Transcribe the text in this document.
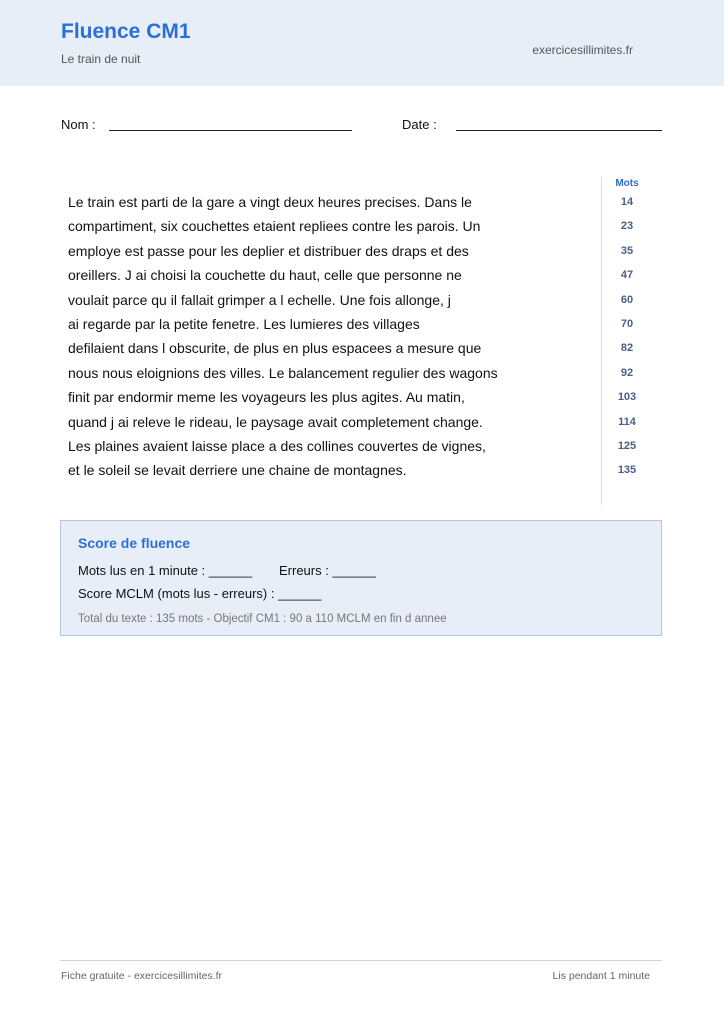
Fluence CM1
Le train de nuit
exercicesillimites.fr
Nom :	Date :
Le train est parti de la gare a vingt deux heures precises. Dans le
compartiment, six couchettes etaient repliees contre les parois. Un
employe est passe pour les deplier et distribuer des draps et des
oreillers. J ai choisi la couchette du haut, celle que personne ne
voulait parce qu il fallait grimper a l echelle. Une fois allonge, j
ai regarde par la petite fenetre. Les lumieres des villages
defilaient dans l obscurite, de plus en plus espacees a mesure que
nous nous eloignions des villes. Le balancement regulier des wagons
finit par endormir meme les voyageurs les plus agites. Au matin,
quand j ai releve le rideau, le paysage avait completement change.
Les plaines avaient laisse place a des collines couvertes de vignes,
et le soleil se levait derriere une chaine de montagnes.
Mots
14
23
35
47
60
70
82
92
103
114
125
135
Score de fluence
Mots lus en 1 minute : ______ Erreurs : ______
Score MCLM (mots lus - erreurs) : ______
Total du texte : 135 mots - Objectif CM1 : 90 a 110 MCLM en fin d annee
Fiche gratuite - exercicesillimites.fr	Lis pendant 1 minute
